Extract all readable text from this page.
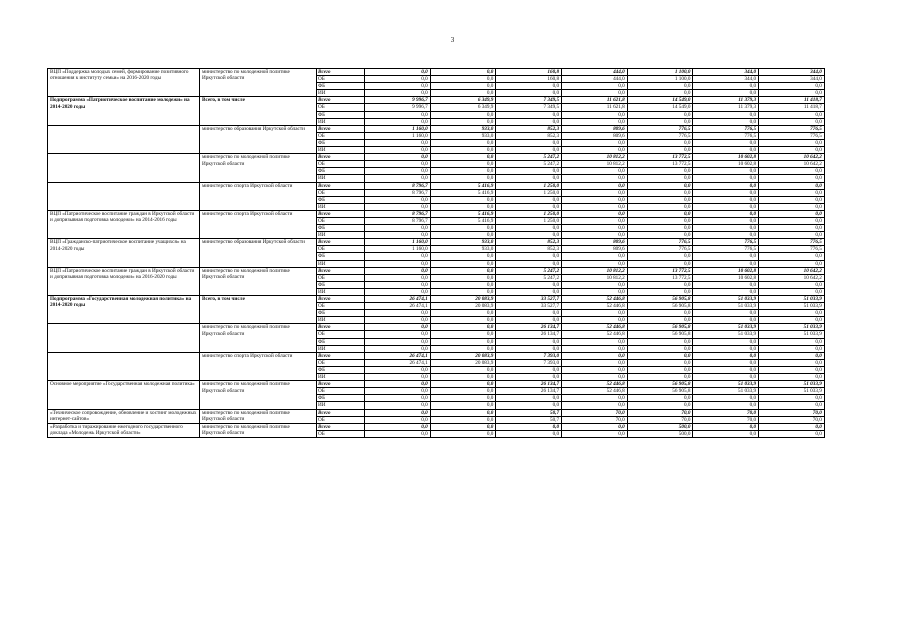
3
ВЦП «Поддержка молодых семей, формирование позитивного отношения к институту семьи» на 2016-2020 годы	министерство по молодежной политике Иркутской области	Всего	0,0	0,0	160,8	444,0	1 100,0	344,0	344,0
		ОБ	0,0	0,0	160,8	444,0	1 100,0	344,0	344,0
		ФБ	0,0	0,0	0,0	0,0	0,0	0,0	0,0
		ИИ	0,0	0,0	0,0	0,0	0,0	0,0	0,0
Подпрограмма «Патриотическое воспитание молодежи» на 2014-2020 годы	Всего, в том числе	Всего	9 996,7	6 349,9	7 349,5	11 621,8	14 549,0	11 379,3	11 418,7
		ОБ	9 996,7	6 349,9	7 349,5	11 621,8	14 549,0	11 379,3	11 418,7
		ФБ	0,0	0,0	0,0	0,0	0,0	0,0	0,0
		ИИ	0,0	0,0	0,0	0,0	0,0	0,0	0,0
	министерство образования Иркутской области	Всего	1 160,0	933,0	852,3	809,6	776,5	776,5	776,5
		ОБ	1 160,0	933,0	852,3	809,6	776,5	776,5	776,5
		ФБ	0,0	0,0	0,0	0,0	0,0	0,0	0,0
		ИИ	0,0	0,0	0,0	0,0	0,0	0,0	0,0
	министерство по молодежной политике Иркутской области	Всего	0,0	0,0	5 247,2	10 812,2	13 772,5	10 602,8	10 642,2
		ОБ	0,0	0,0	5 247,2	10 812,2	13 772,5	10 602,8	10 642,2
		ФБ	0,0	0,0	0,0	0,0	0,0	0,0	0,0
		ИИ	0,0	0,0	0,0	0,0	0,0	0,0	0,0
	министерство спорта Иркутской области	Всего	8 796,7	5 416,9	1 250,0	0,0	0,0	0,0	0,0
		ОБ	8 796,7	5 416,9	1 250,0	0,0	0,0	0,0	0,0
		ФБ	0,0	0,0	0,0	0,0	0,0	0,0	0,0
		ИИ	0,0	0,0	0,0	0,0	0,0	0,0	0,0
ВЦП «Патриотическое воспитание граждан в Иркутской области и допризывная подготовка молодежи» на 2014-2016 годы	министерство спорта Иркутской области	Всего	8 796,7	5 416,9	1 250,0	0,0	0,0	0,0	0,0
		ОБ	8 796,7	5 416,9	1 250,0	0,0	0,0	0,0	0,0
		ФБ	0,0	0,0	0,0	0,0	0,0	0,0	0,0
		ИИ	0,0	0,0	0,0	0,0	0,0	0,0	0,0
ВЦП «Гражданско-патриотическое воспитание учащихся» на 2014-2020 годы	министерство образования Иркутской области	Всего	1 160,0	933,0	852,3	809,6	776,5	776,5	776,5
		ОБ	1 160,0	933,0	852,3	809,6	776,5	776,5	776,5
		ФБ	0,0	0,0	0,0	0,0	0,0	0,0	0,0
		ИИ	0,0	0,0	0,0	0,0	0,0	0,0	0,0
ВЦП «Патриотическое воспитание граждан в Иркутской области и допризывная подготовка молодежи» на 2016-2020 годы	министерство по молодежной политике Иркутской области	Всего	0,0	0,0	5 247,2	10 812,2	13 772,5	10 602,8	10 642,2
		ОБ	0,0	0,0	5 247,2	10 812,2	13 772,5	10 602,8	10 642,2
		ФБ	0,0	0,0	0,0	0,0	0,0	0,0	0,0
		ИИ	0,0	0,0	0,0	0,0	0,0	0,0	0,0
Подпрограмма «Государственная молодежная политика» на 2014-2020 годы	Всего, в том числе	Всего	26 474,1	20 083,9	33 527,7	52 446,8	56 905,8	51 033,9	51 033,9
		ОБ	26 474,1	20 083,9	33 527,7	52 446,8	56 905,8	51 033,9	51 033,9
		ФБ	0,0	0,0	0,0	0,0	0,0	0,0	0,0
		ИИ	0,0	0,0	0,0	0,0	0,0	0,0	0,0
	министерство по молодежной политике Иркутской области	Всего	0,0	0,0	26 134,7	52 446,8	56 905,8	51 033,9	51 033,9
		ОБ	0,0	0,0	26 134,7	52 446,8	56 905,8	51 033,9	51 033,9
		ФБ	0,0	0,0	0,0	0,0	0,0	0,0	0,0
		ИИ	0,0	0,0	0,0	0,0	0,0	0,0	0,0
	министерство спорта Иркутской области	Всего	26 474,1	20 083,9	7 393,0	0,0	0,0	0,0	0,0
		ОБ	26 474,1	20 083,9	7 393,0	0,0	0,0	0,0	0,0
		ФБ	0,0	0,0	0,0	0,0	0,0	0,0	0,0
		ИИ	0,0	0,0	0,0	0,0	0,0	0,0	0,0
Основное мероприятие «Государственная молодежная политика»	министерство по молодежной политике Иркутской области	Всего	0,0	0,0	26 134,7	52 446,8	56 905,8	51 033,9	51 033,9
		ОБ	0,0	0,0	26 134,7	52 446,8	56 905,8	51 033,9	51 033,9
		ФБ	0,0	0,0	0,0	0,0	0,0	0,0	0,0
		ИИ	0,0	0,0	0,0	0,0	0,0	0,0	0,0
«Техническое сопровождение, обновление и хостинг молодежных интернет-сайтов»	министерство по молодежной политике Иркутской области	Всего	0,0	0,0	50,7	70,0	70,0	70,0	70,0
		ОБ	0,0	0,0	50,7	70,0	70,0	70,0	70,0
«Разработка и тиражирование ежегодного государственного доклада «Молодежь Иркутской области»	министерство по молодежной политике Иркутской области	Всего	0,0	0,0	0,0	0,0	500,0	0,0	0,0
		ОБ	0,0	0,0	0,0	0,0	500,0	0,0	0,0
